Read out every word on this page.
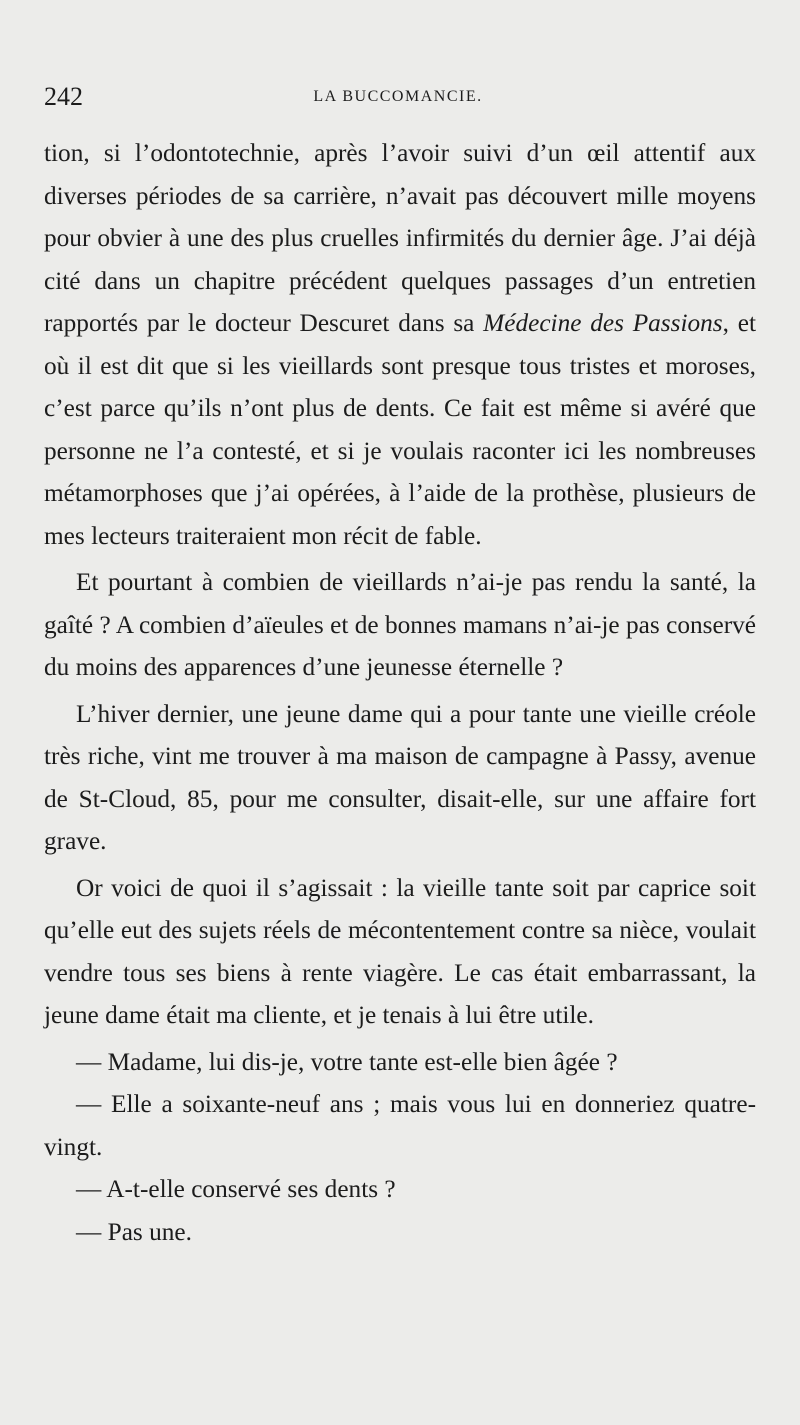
242	LA BUCCOMANCIE.

tion, si l’odontotechnie, après l’avoir suivi d’un œil attentif aux diverses périodes de sa carrière, n’avait pas découvert mille moyens pour obvier à une des plus cruelles infirmités du dernier âge. J’ai déjà cité dans un chapitre précédent quelques passages d’un entretien rapportés par le docteur Descuret dans sa Médecine des Passions, et où il est dit que si les vieillards sont presque tous tristes et moroses, c’est parce qu’ils n’ont plus de dents. Ce fait est même si avéré que personne ne l’a contesté, et si je voulais raconter ici les nombreuses métamorphoses que j’ai opérées, à l’aide de la prothèse, plusieurs de mes lecteurs traiteraient mon récit de fable.

Et pourtant à combien de vieillards n’ai-je pas rendu la santé, la gaîté ? A combien d’aïeules et de bonnes mamans n’ai-je pas conservé du moins des apparences d’une jeunesse éternelle ?

L’hiver dernier, une jeune dame qui a pour tante une vieille créole très riche, vint me trouver à ma maison de campagne à Passy, avenue de St-Cloud, 85, pour me consulter, disait-elle, sur une affaire fort grave.

Or voici de quoi il s’agissait : la vieille tante soit par caprice soit qu’elle eut des sujets réels de mécontentement contre sa nièce, voulait vendre tous ses biens à rente viagère. Le cas était embarrassant, la jeune dame était ma cliente, et je tenais à lui être utile.

— Madame, lui dis-je, votre tante est-elle bien âgée ?

— Elle a soixante-neuf ans ; mais vous lui en donneriez quatre-vingt.

— A-t-elle conservé ses dents ?

— Pas une.
